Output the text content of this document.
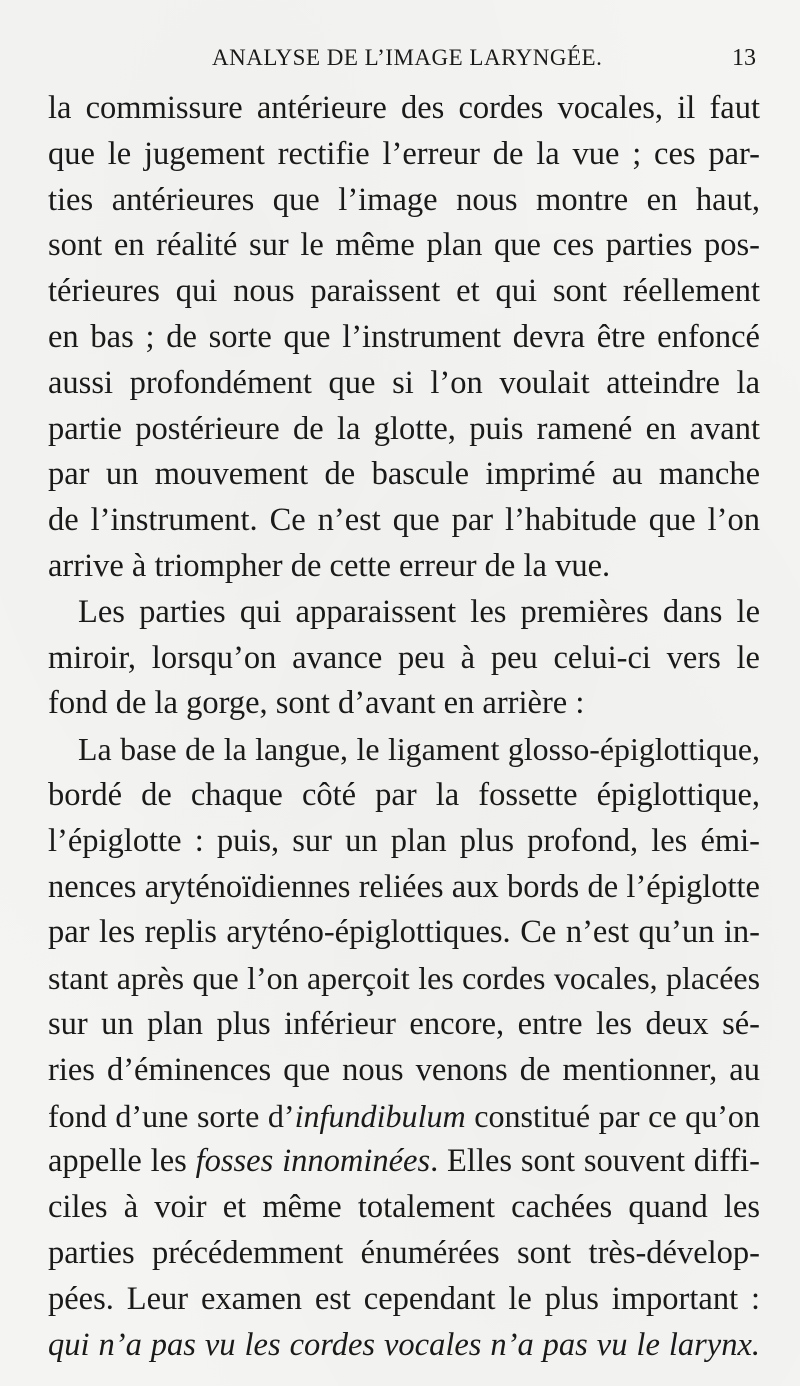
ANALYSE DE L’IMAGE LARYNGÉE.	13
la commissure antérieure des cordes vocales, il faut
que le jugement rectifie l’erreur de la vue ; ces par-
ties antérieures que l’image nous montre en haut,
sont en réalité sur le même plan que ces parties pos-
térieures qui nous paraissent et qui sont réellement
en bas ; de sorte que l’instrument devra être enfoncé
aussi profondément que si l’on voulait atteindre la
partie postérieure de la glotte, puis ramené en avant
par un mouvement de bascule imprimé au manche
de l’instrument. Ce n’est que par l’habitude que l’on
arrive à triompher de cette erreur de la vue.
Les parties qui apparaissent les premières dans le
miroir, lorsqu’on avance peu à peu celui-ci vers le
fond de la gorge, sont d’avant en arrière :
La base de la langue, le ligament glosso-épiglottique,
bordé de chaque côté par la fossette épiglottique,
l’épiglotte : puis, sur un plan plus profond, les émi-
nences aryténoïdiennes reliées aux bords de l’épiglotte
par les replis aryténo-épiglottiques. Ce n’est qu’un in-
stant après que l’on aperçoit les cordes vocales, placées
sur un plan plus inférieur encore, entre les deux sé-
ries d’éminences que nous venons de mentionner, au
fond d’une sorte d’infundibulum constitué par ce qu’on
appelle les fosses innominées. Elles sont souvent diffi-
ciles à voir et même totalement cachées quand les
parties précédemment énumérées sont très-dévelop-
pées. Leur examen est cependant le plus important :
qui n’a pas vu les cordes vocales n’a pas vu le larynx.
